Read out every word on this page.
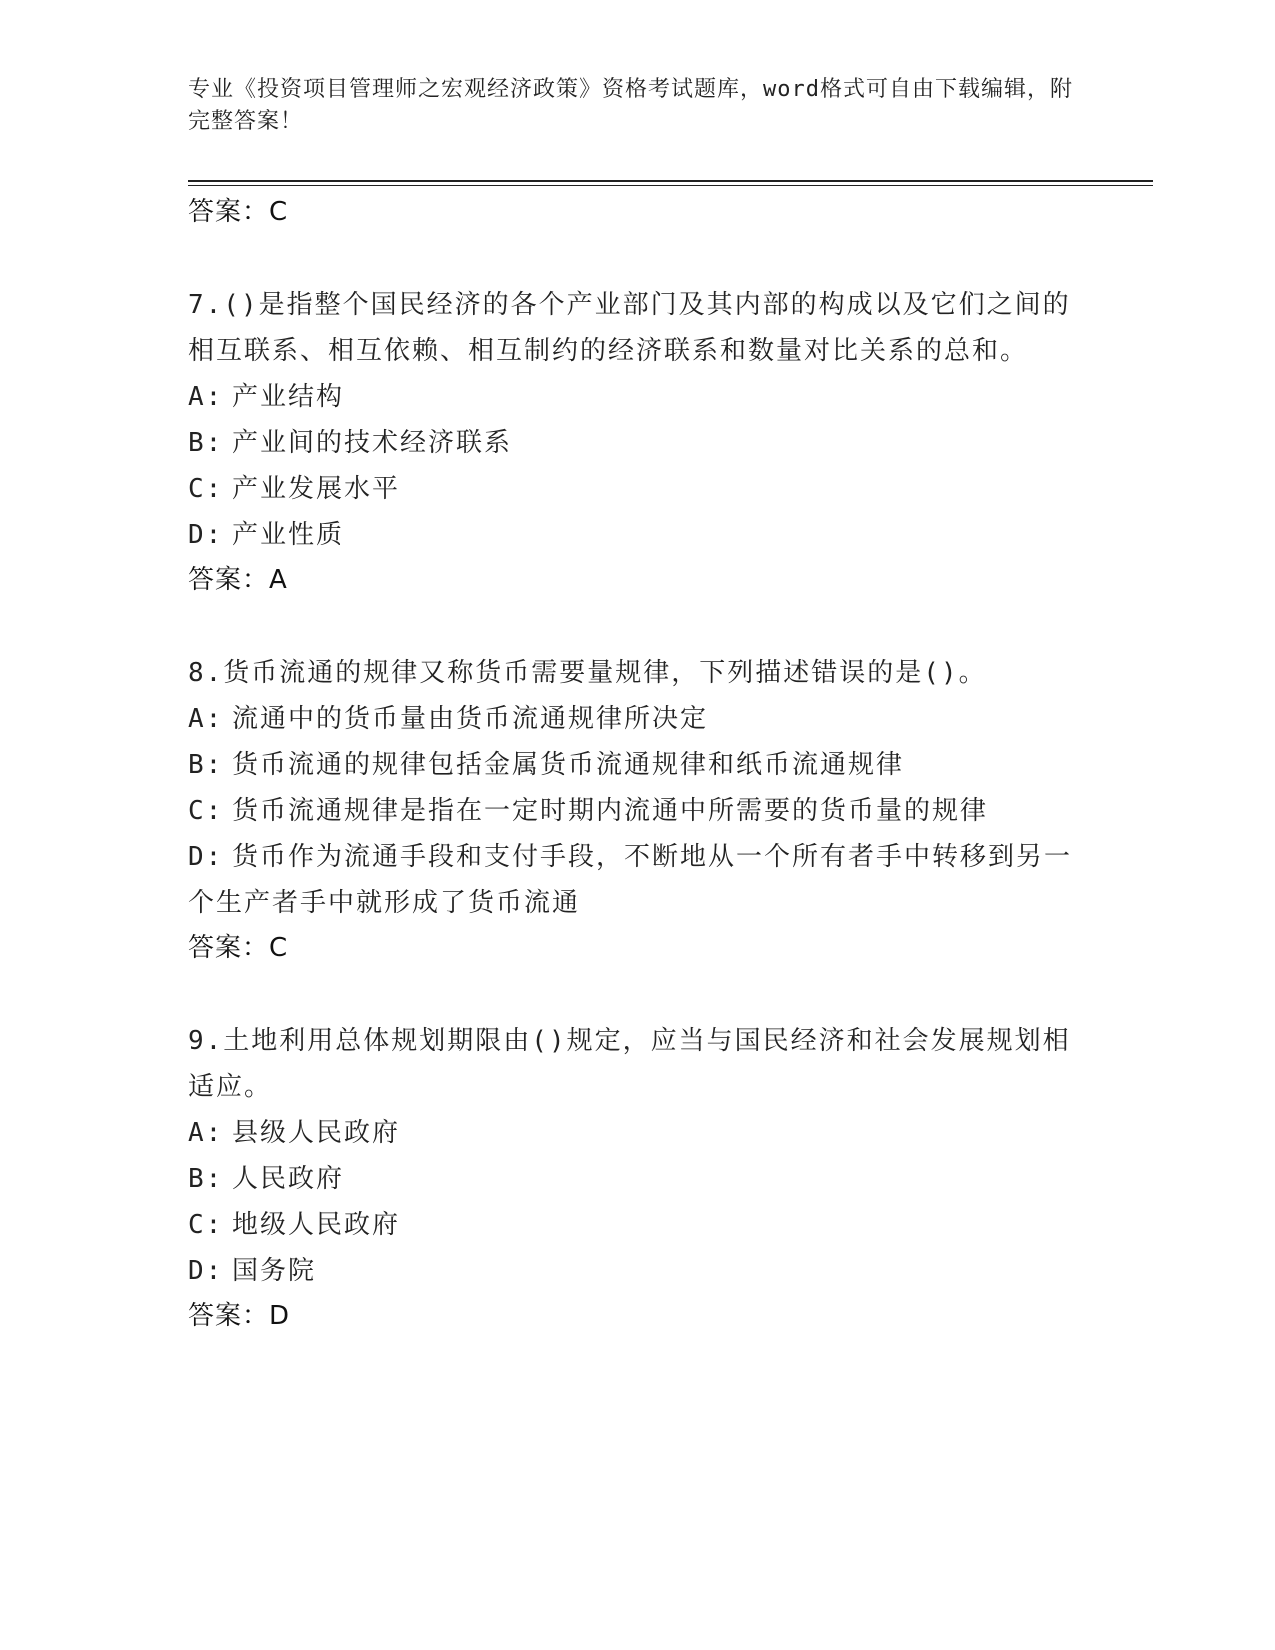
专业《投资项目管理师之宏观经济政策》资格考试题库，word格式可自由下载编辑，附完整答案！
答案：C
7.()是指整个国民经济的各个产业部门及其内部的构成以及它们之间的相互联系、相互依赖、相互制约的经济联系和数量对比关系的总和。
A: 产业结构
B: 产业间的技术经济联系
C: 产业发展水平
D: 产业性质
答案：A
8.货币流通的规律又称货币需要量规律，下列描述错误的是()。
A: 流通中的货币量由货币流通规律所决定
B: 货币流通的规律包括金属货币流通规律和纸币流通规律
C: 货币流通规律是指在一定时期内流通中所需要的货币量的规律
D: 货币作为流通手段和支付手段，不断地从一个所有者手中转移到另一个生产者手中就形成了货币流通
答案：C
9.土地利用总体规划期限由()规定，应当与国民经济和社会发展规划相适应。
A: 县级人民政府
B: 人民政府
C: 地级人民政府
D: 国务院
答案：D
